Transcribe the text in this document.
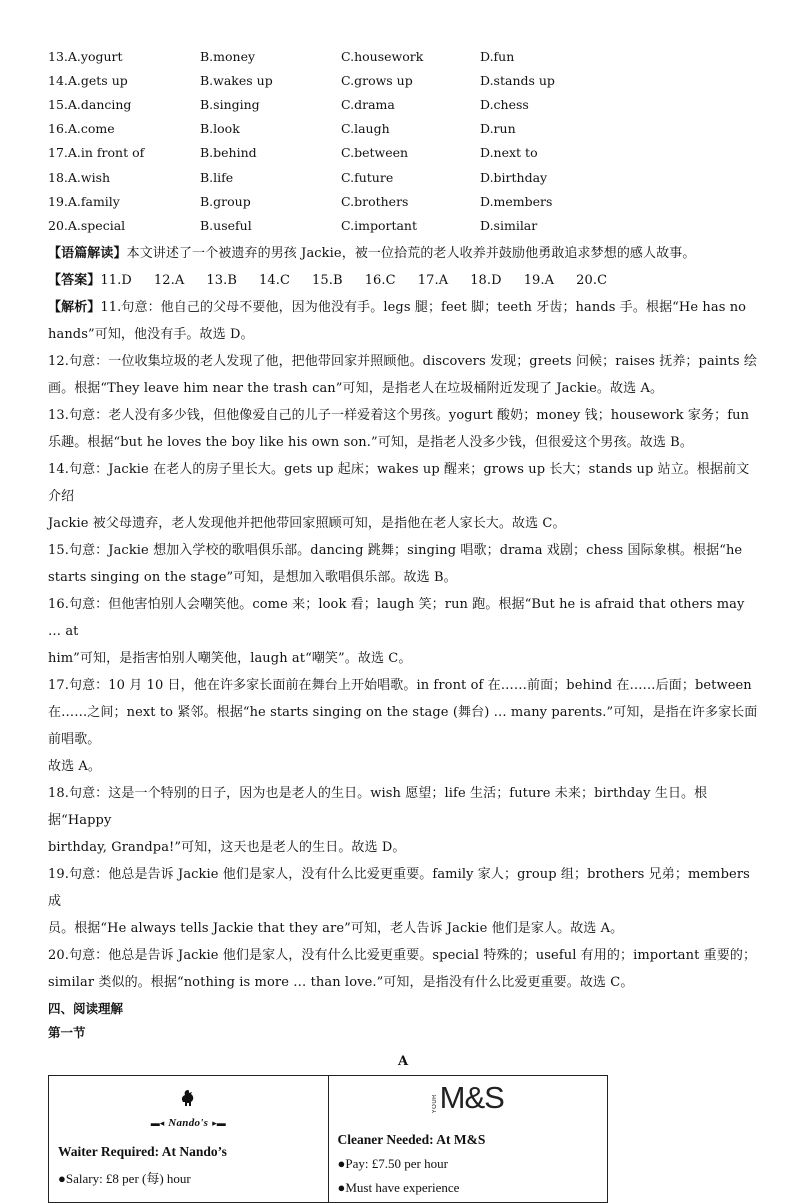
13.A.yogurt	B.money	C.housework	D.fun
14.A.gets up	B.wakes up	C.grows up	D.stands up
15.A.dancing	B.singing	C.drama	D.chess
16.A.come	B.look	C.laugh	D.run
17.A.in front of	B.behind	C.between	D.next to
18.A.wish	B.life	C.future	D.birthday
19.A.family	B.group	C.brothers	D.members
20.A.special	B.useful	C.important	D.similar

【语篇解读】本文讲述了一个被遗弃的男孩 Jackie，被一位拾荒的老人收养并鼓励他勇敢追求梦想的感人故事。

【答案】11.D 12.A 13.B 14.C 15.B 16.C 17.A 18.D 19.A 20.C

【解析】11.句意：他自己的父母不要他，因为他没有手。legs 腿；feet 脚；teeth 牙齿；hands 手。根据“He has no

hands”可知，他没有手。故选 D。

12.句意：一位收集垃圾的老人发现了他，把他带回家并照顾他。discovers 发现；greets 问候；raises 抚养；paints 绘

画。根据“They leave him near the trash can”可知，是指老人在垃圾桶附近发现了 Jackie。故选 A。

13.句意：老人没有多少钱，但他像爱自己的儿子一样爱着这个男孩。yogurt 酸奶；money 钱；housework 家务；fun

乐趣。根据“but he loves the boy like his own son.”可知，是指老人没多少钱，但很爱这个男孩。故选 B。

14.句意：Jackie 在老人的房子里长大。gets up 起床；wakes up 醒来；grows up 长大；stands up 站立。根据前文介绍

Jackie 被父母遗弃，老人发现他并把他带回家照顾可知，是指他在老人家长大。故选 C。

15.句意：Jackie 想加入学校的歌唱俱乐部。dancing 跳舞；singing 唱歌；drama 戏剧；chess 国际象棋。根据“he

starts singing on the stage”可知，是想加入歌唱俱乐部。故选 B。

16.句意：但他害怕别人会嘲笑他。come 来；look 看；laugh 笑；run 跑。根据“But he is afraid that others may … at

him”可知，是指害怕别人嘲笑他，laugh at“嘲笑”。故选 C。

17.句意：10 月 10 日，他在许多家长面前在舞台上开始唱歌。in front of 在……前面；behind 在……后面；between

在……之间；next to 紧邻。根据“he starts singing on the stage (舞台) … many parents.”可知，是指在许多家长面前唱歌。

故选 A。

18.句意：这是一个特别的日子，因为也是老人的生日。wish 愿望；life 生活；future 未来；birthday 生日。根据“Happy

birthday, Grandpa!”可知，这天也是老人的生日。故选 D。

19.句意：他总是告诉 Jackie 他们是家人，没有什么比爱更重要。family 家人；group 组；brothers 兄弟；members 成

员。根据“He always tells Jackie that they are”可知，老人告诉 Jackie 他们是家人。故选 A。

20.句意：他总是告诉 Jackie 他们是家人，没有什么比爱更重要。special 特殊的；useful 有用的；important 重要的；

similar 类似的。根据“nothing is more … than love.”可知，是指没有什么比爱更重要。故选 C。

四、阅读理解
第一节
A
▬◂ Nando's ▸▬
Waiter Required: At Nando’s
●Salary: £8 per (每) hour

YOURM&S
Cleaner Needed: At M&S
●Pay: £7.50 per hour
●Must have experience
